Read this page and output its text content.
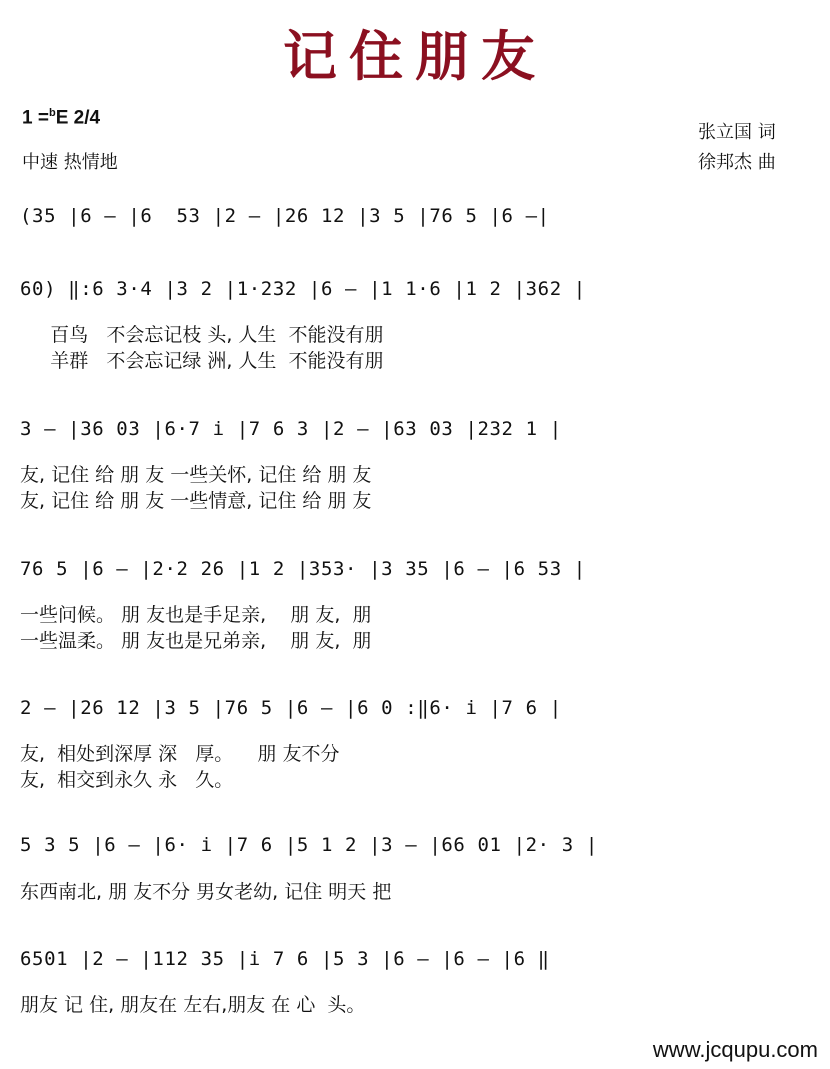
记住朋友
1 =$^b$E 2/4
中速 热情地
张立国 词
徐邦杰 曲
(35 |6 — |6  53 |2 — |26 12 |3 5 |76 5 |6 —|
60) ‖:6 3·4 |3 2 |1·232 |6 — |1 1·6 |1 2 |362 |
百鸟   不会忘记枝 头, 人生  不能没有朋
羊群   不会忘记绿 洲, 人生  不能没有朋
3 — |36 03 |6·7 i |7 6 3 |2 — |63 03 |232 1 |
友, 记住 给 朋 友 一些关怀, 记住 给 朋 友
友, 记住 给 朋 友 一些情意, 记住 给 朋 友
76 5 |6 — |2·2 26 |1 2 |353· |3 35 |6 — |6 53 |
一些问候。 朋 友也是手足亲,    朋 友,  朋
一些温柔。 朋 友也是兄弟亲,    朋 友,  朋
2 — |26 12 |3 5 |76 5 |6 — |6 0 :‖6· i |7 6 |
友,  相处到深厚 深   厚。    朋 友不分
友,  相交到永久 永   久。
5 3 5 |6 — |6· i |7 6 |5 1 2 |3 — |66 01 |2· 3 |
东西南北, 朋 友不分 男女老幼, 记住 明天 把
6501 |2 — |112 35 |i 7 6 |5 3 |6 — |6 — |6 ‖
朋友 记 住, 朋友在 左右,朋友 在 心  头。
www.jcqupu.com
